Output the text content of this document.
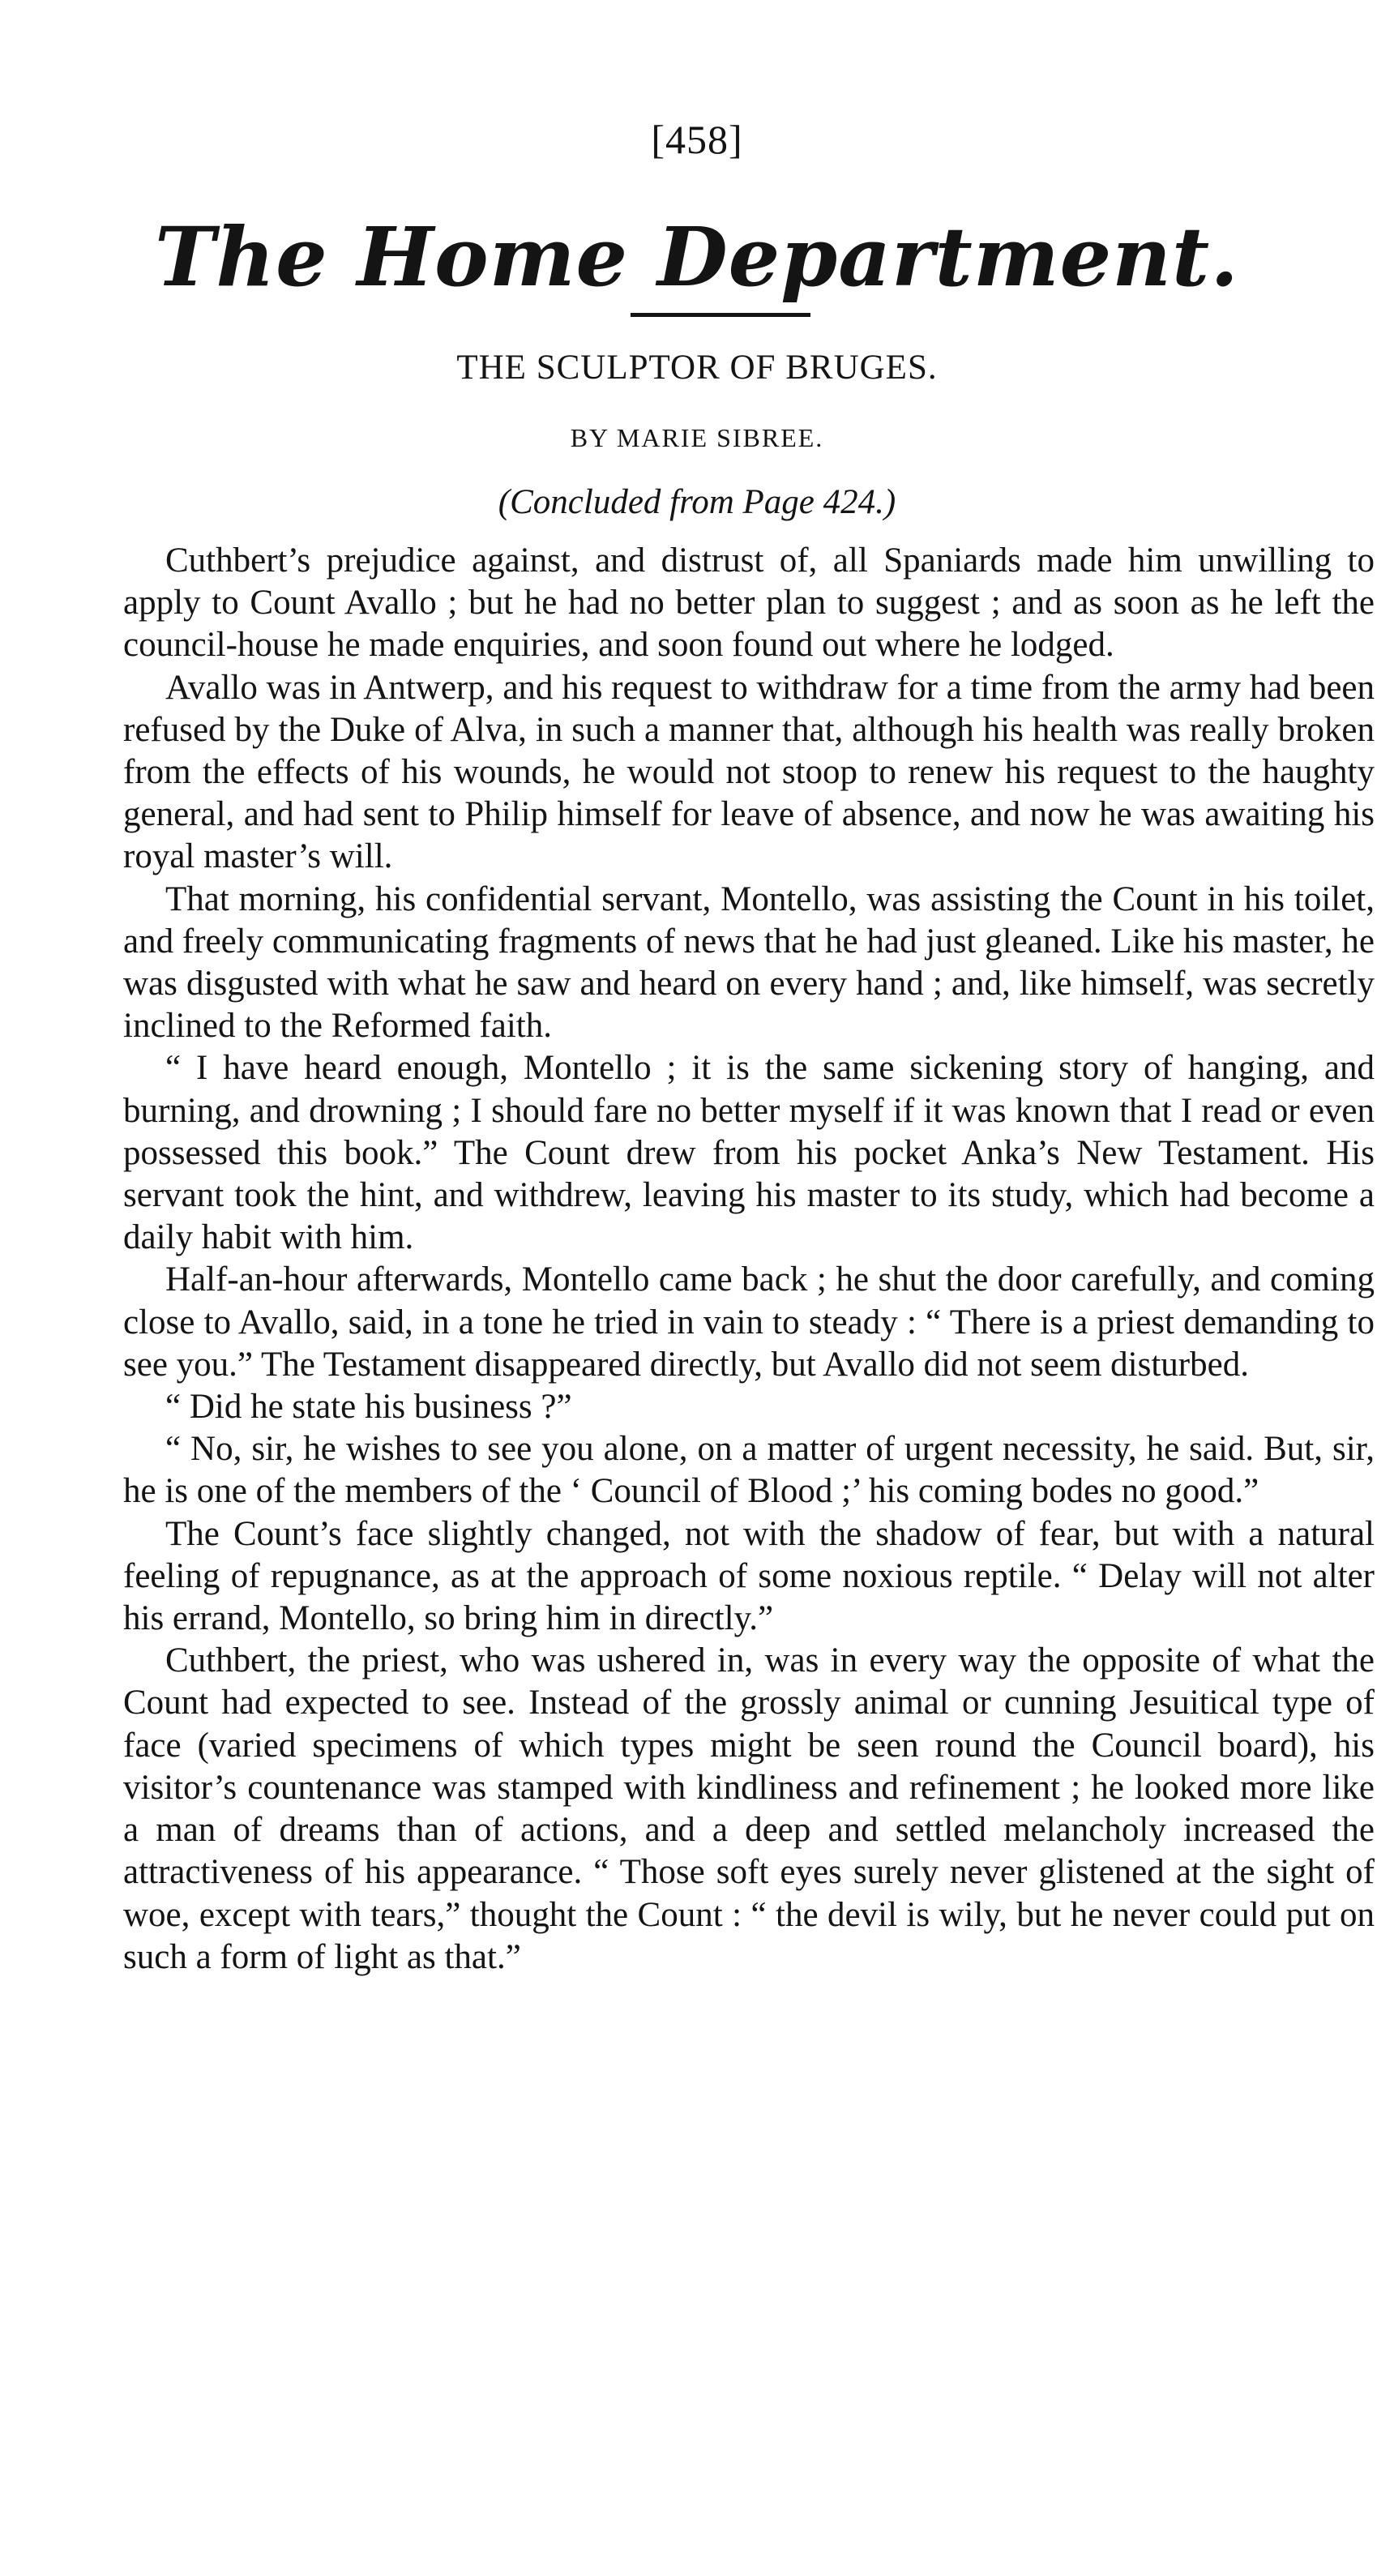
[458]
The Home Department.
THE SCULPTOR OF BRUGES.
BY MARIE SIBREE.
(Concluded from Page 424.)

Cuthbert’s prejudice against, and distrust of, all Spaniards made him unwilling to apply to Count Avallo ; but he had no better plan to suggest ; and as soon as he left the council-house he made enquiries, and soon found out where he lodged.

Avallo was in Antwerp, and his request to withdraw for a time from the army had been refused by the Duke of Alva, in such a manner that, although his health was really broken from the effects of his wounds, he would not stoop to renew his request to the haughty general, and had sent to Philip himself for leave of absence, and now he was awaiting his royal master’s will.

That morning, his confidential servant, Montello, was assisting the Count in his toilet, and freely communicating fragments of news that he had just gleaned. Like his master, he was disgusted with what he saw and heard on every hand ; and, like himself, was secretly inclined to the Reformed faith.

“ I have heard enough, Montello ; it is the same sickening story of hanging, and burning, and drowning ; I should fare no better myself if it was known that I read or even possessed this book.” The Count drew from his pocket Anka’s New Testament. His servant took the hint, and withdrew, leaving his master to its study, which had become a daily habit with him.

Half-an-hour afterwards, Montello came back ; he shut the door carefully, and coming close to Avallo, said, in a tone he tried in vain to steady : “ There is a priest demanding to see you.” The Testament disappeared directly, but Avallo did not seem disturbed.

“ Did he state his business ?”

“ No, sir, he wishes to see you alone, on a matter of urgent necessity, he said. But, sir, he is one of the members of the ‘ Council of Blood ;’ his coming bodes no good.”

The Count’s face slightly changed, not with the shadow of fear, but with a natural feeling of repugnance, as at the approach of some noxious reptile. “ Delay will not alter his errand, Montello, so bring him in directly.”

Cuthbert, the priest, who was ushered in, was in every way the opposite of what the Count had expected to see. Instead of the grossly animal or cunning Jesuitical type of face (varied specimens of which types might be seen round the Council board), his visitor’s countenance was stamped with kindliness and refinement ; he looked more like a man of dreams than of actions, and a deep and settled melancholy increased the attractiveness of his appearance. “ Those soft eyes surely never glistened at the sight of woe, except with tears,” thought the Count : “ the devil is wily, but he never could put on such a form of light as that.”
